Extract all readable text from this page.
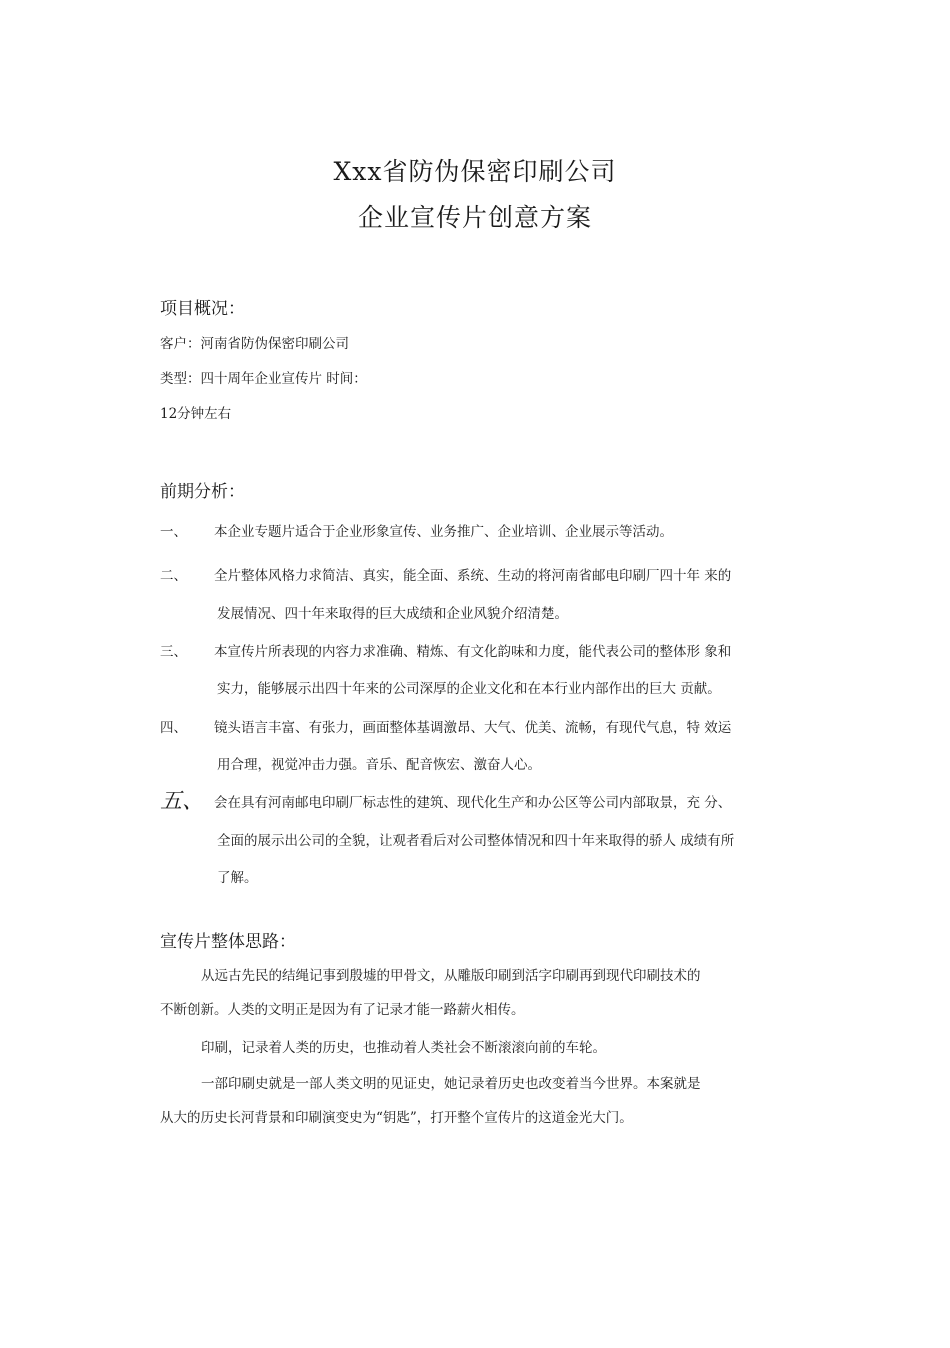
Xxx省防伪保密印刷公司
企业宣传片创意方案
项目概况：
客户：河南省防伪保密印刷公司
类型：四十周年企业宣传片 时间：
12分钟左右
前期分析：
一、 本企业专题片适合于企业形象宣传、业务推广、企业培训、企业展示等活动。
二、 全片整体风格力求简洁、真实，能全面、系统、生动的将河南省邮电印刷厂四十年 来的
发展情况、四十年来取得的巨大成绩和企业风貌介绍清楚。
三、 本宣传片所表现的内容力求准确、精炼、有文化韵味和力度，能代表公司的整体形 象和
实力，能够展示出四十年来的公司深厚的企业文化和在本行业内部作出的巨大 贡献。
四、 镜头语言丰富、有张力，画面整体基调激昂、大气、优美、流畅，有现代气息，特 效运
用合理，视觉冲击力强。音乐、配音恢宏、激奋人心。
五、 会在具有河南邮电印刷厂标志性的建筑、现代化生产和办公区等公司内部取景，充 分、
全面的展示出公司的全貌，让观者看后对公司整体情况和四十年来取得的骄人 成绩有所
了解。
宣传片整体思路：
从远古先民的结绳记事到殷墟的甲骨文，从雕版印刷到活字印刷再到现代印刷技术的
不断创新。人类的文明正是因为有了记录才能一路薪火相传。
印刷，记录着人类的历史，也推动着人类社会不断滚滚向前的车轮。
一部印刷史就是一部人类文明的见证史，她记录着历史也改变着当今世界。本案就是
从大的历史长河背景和印刷演变史为“钥匙”，打开整个宣传片的这道金光大门。
